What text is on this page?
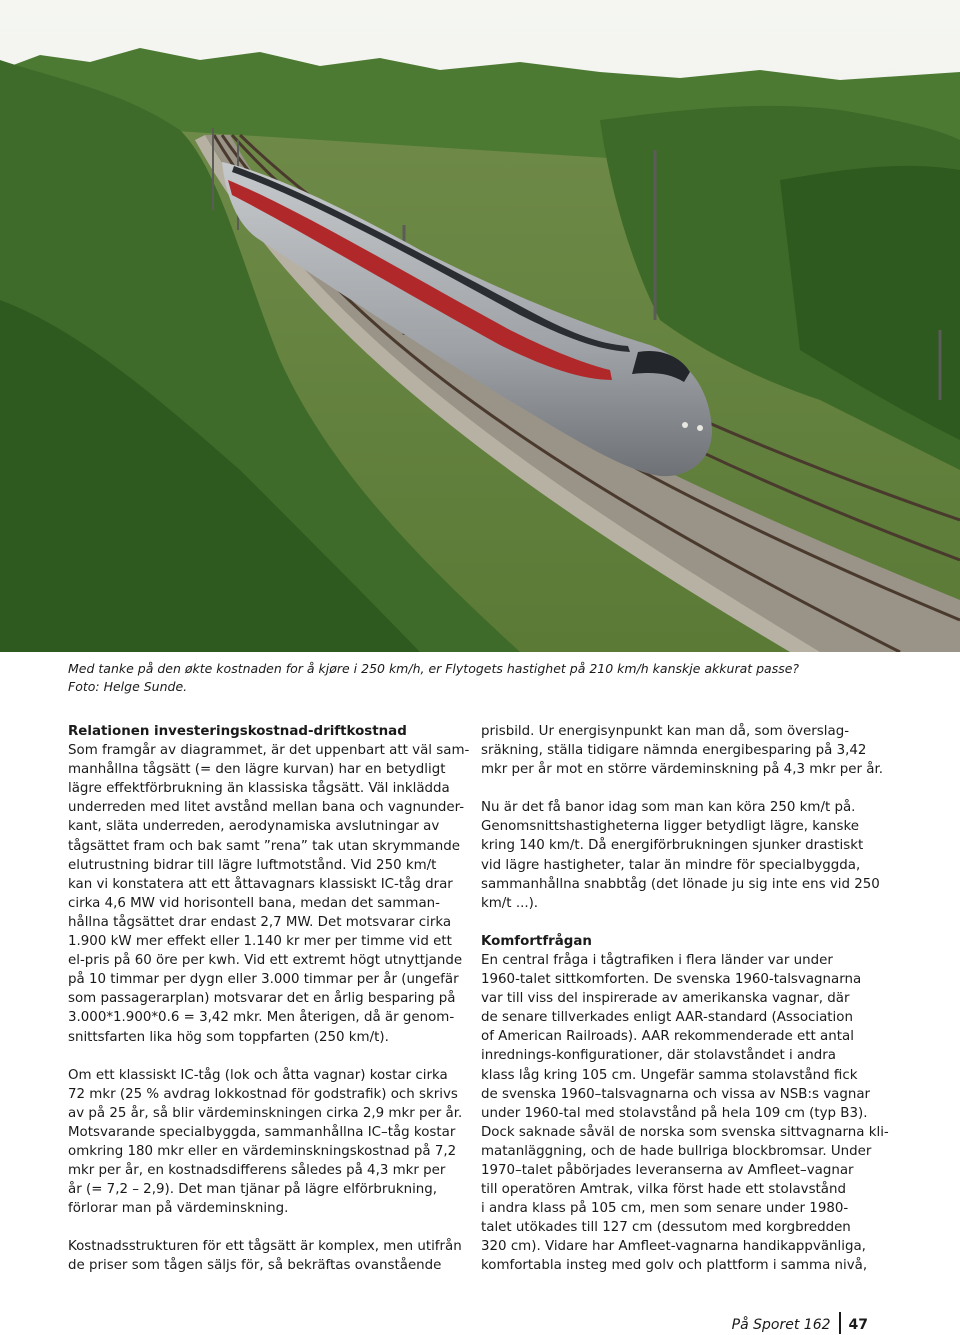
Med tanke på den økte kostnaden for å kjøre i 250 km/h, er Flytogets hastighet på 210 km/h kanskje akkurat passe?
Foto: Helge Sunde.
Relationen investeringskostnad-driftkostnad
Som framgår av diagrammet, är det uppenbart att väl sam-
manhållna tågsätt (= den lägre kurvan) har en betydligt
lägre effektförbrukning än klassiska tågsätt. Väl inklädda
underreden med litet avstånd mellan bana och vagnunder-
kant, släta underreden, aerodynamiska avslutningar av
tågsättet fram och bak samt ”rena” tak utan skrymmande
elutrustning bidrar till lägre luftmotstånd. Vid 250 km/t
kan vi konstatera att ett åttavagnars klassiskt IC-tåg drar
cirka 4,6 MW vid horisontell bana, medan det samman-
hållna tågsättet drar endast 2,7 MW. Det motsvarar cirka
1.900 kW mer effekt eller 1.140 kr mer per timme vid ett
el-pris på 60 öre per kwh. Vid ett extremt högt utnyttjande
på 10 timmar per dygn eller 3.000 timmar per år (ungefär
som passagerarplan) motsvarar det en årlig besparing på
3.000*1.900*0.6 = 3,42 mkr. Men återigen, då är genom-
snittsfarten lika hög som toppfarten (250 km/t).
Om ett klassiskt IC-tåg (lok och åtta vagnar) kostar cirka
72 mkr (25 % avdrag lokkostnad för godstrafik) och skrivs
av på 25 år, så blir värdeminskningen cirka 2,9 mkr per år.
Motsvarande specialbyggda, sammanhållna IC–tåg kostar
omkring 180 mkr eller en värdeminskningskostnad på 7,2
mkr per år, en kostnadsdifferens således på 4,3 mkr per
år (= 7,2 – 2,9). Det man tjänar på lägre elförbrukning,
förlorar man på värdeminskning.
Kostnadsstrukturen för ett tågsätt är komplex, men utifrån
de priser som tågen säljs för, så bekräftas ovanstående
prisbild. Ur energisynpunkt kan man då, som överslag-
sräkning, ställa tidigare nämnda energibesparing på 3,42
mkr per år mot en större värdeminskning på 4,3 mkr per år.
Nu är det få banor idag som man kan köra 250 km/t på.
Genomsnittshastigheterna ligger betydligt lägre, kanske
kring 140 km/t. Då energiförbrukningen sjunker drastiskt
vid lägre hastigheter, talar än mindre för specialbyggda,
sammanhållna snabbtåg (det lönade ju sig inte ens vid 250
km/t ...).
Komfortfrågan
En central fråga i tågtrafiken i flera länder var under
1960-talet sittkomforten. De svenska 1960-talsvagnarna
var till viss del inspirerade av amerikanska vagnar, där
de senare tillverkades enligt AAR-standard (Association
of American Railroads). AAR rekommenderade ett antal
inrednings-konfigurationer, där stolavståndet i andra
klass låg kring 105 cm. Ungefär samma stolavstånd fick
de svenska 1960–talsvagnarna och vissa av NSB:s vagnar
under 1960-tal med stolavstånd på hela 109 cm (typ B3).
Dock saknade såväl de norska som svenska sittvagnarna kli-
matanläggning, och de hade bullriga blockbromsar. Under
1970–talet påbörjades leveranserna av Amfleet–vagnar
till operatören Amtrak, vilka först hade ett stolavstånd
i andra klass på 105 cm, men som senare under 1980-
talet utökades till 127 cm (dessutom med korgbredden
320 cm). Vidare har Amfleet-vagnarna handikappvänliga,
komfortabla insteg med golv och plattform i samma nivå,
På Sporet 162 47
